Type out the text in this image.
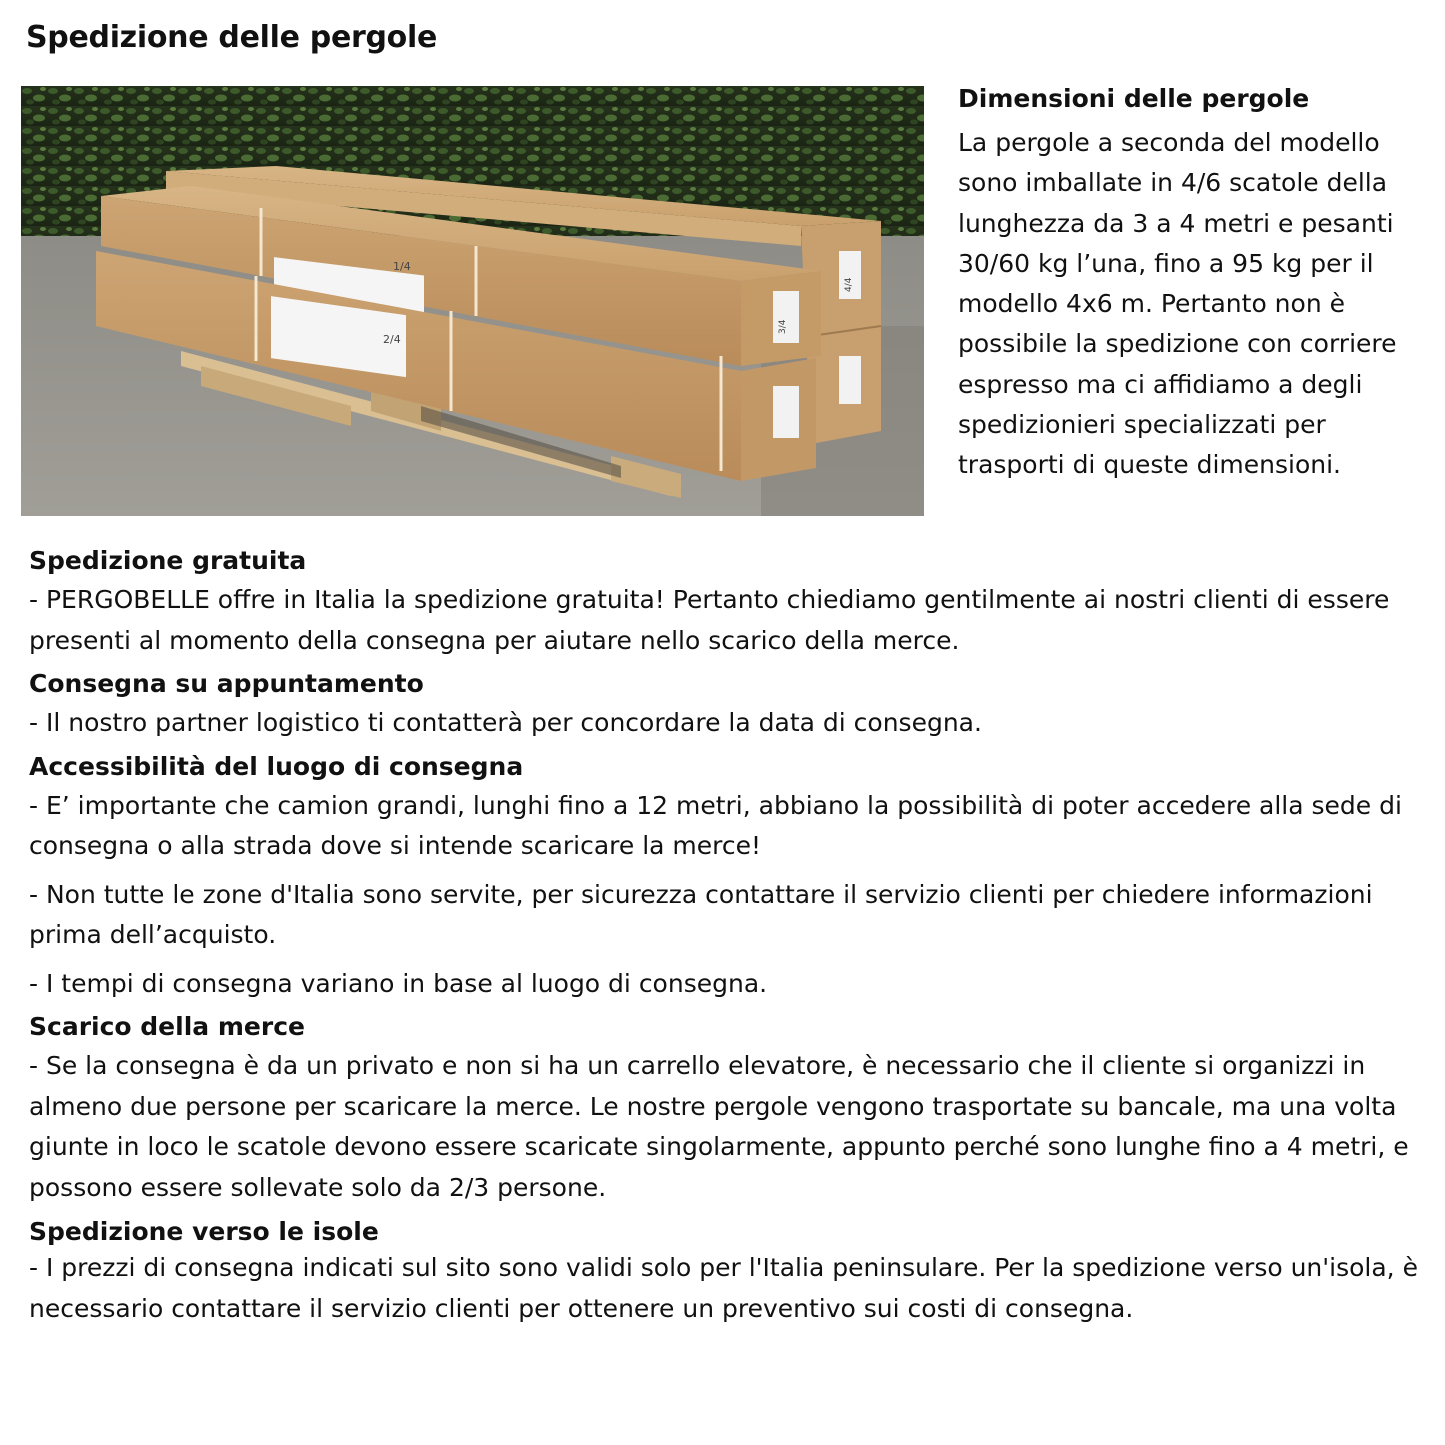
Spedizione delle pergole
1/4
2/4
4/4
3/4
Dimensioni delle pergole

La pergole a seconda del modello sono imballate in 4/6 scatole della lunghezza da 3 a 4 metri e pesanti 30/60 kg l’una, fino a 95 kg per il modello 4x6 m. Pertanto non è possibile la spedizione con corriere espresso ma ci affidiamo a degli spedizionieri specializzati per trasporti di queste dimensioni.

Spedizione gratuita

- PERGOBELLE offre in Italia la spedizione gratuita! Pertanto chiediamo gentilmente ai nostri clienti di essere presenti al momento della consegna per aiutare nello scarico della merce.

Consegna su appuntamento

- Il nostro partner logistico ti contatterà per concordare la data di consegna.

Accessibilità del luogo di consegna

- E’ importante che camion grandi, lunghi fino a 12 metri, abbiano la possibilità di poter accedere alla sede di consegna o alla strada dove si intende scaricare la merce!

- Non tutte le zone d'Italia sono servite, per sicurezza contattare il servizio clienti per chiedere informazioni prima dell’acquisto.

- I tempi di consegna variano in base al luogo di consegna.

Scarico della merce

- Se la consegna è da un privato e non si ha un carrello elevatore, è necessario che il cliente si organizzi in almeno due persone per scaricare la merce. Le nostre pergole vengono trasportate su bancale, ma una volta giunte in loco le scatole devono essere scaricate singolarmente, appunto perché sono lunghe fino a 4 metri, e possono essere sollevate solo da 2/3 persone.

Spedizione verso le isole

- I prezzi di consegna indicati sul sito sono validi solo per l'Italia peninsulare. Per la spedizione verso un'isola, è necessario contattare il servizio clienti per ottenere un preventivo sui costi di consegna.
